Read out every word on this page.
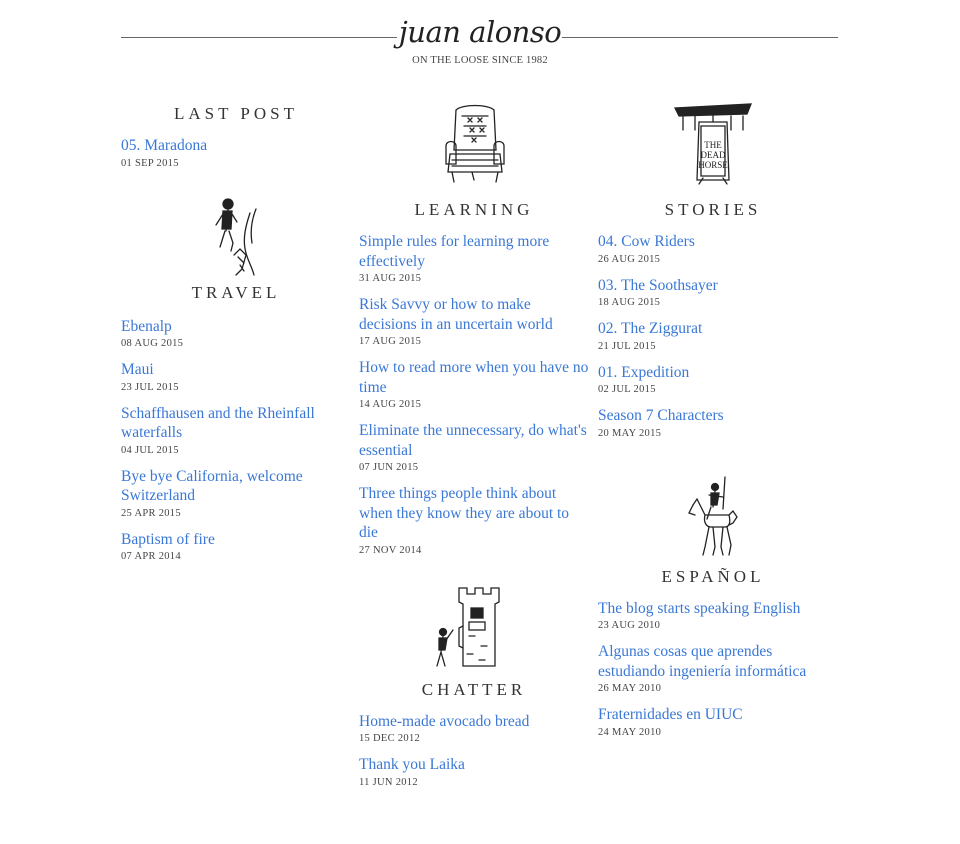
juan alonso
ON THE LOOSE SINCE 1982
LAST POST
05. Maradona
01 SEP 2015
TRAVEL
Ebenalp
08 AUG 2015
Maui
23 JUL 2015
Schaffhausen and the Rheinfall waterfalls
04 JUL 2015
Bye bye California, welcome Switzerland
25 APR 2015
Baptism of fire
07 APR 2014
LEARNING
Simple rules for learning more effectively
31 AUG 2015
Risk Savvy or how to make decisions in an uncertain world
17 AUG 2015
How to read more when you have no time
14 AUG 2015
Eliminate the unnecessary, do what's essential
07 JUN 2015
Three things people think about when they know they are about to die
27 NOV 2014
CHATTER
Home-made avocado bread
15 DEC 2012
Thank you Laika
11 JUN 2012
THE
DEAD
HORSE
STORIES
04. Cow Riders
26 AUG 2015
03. The Soothsayer
18 AUG 2015
02. The Ziggurat
21 JUL 2015
01. Expedition
02 JUL 2015
Season 7 Characters
20 MAY 2015
ESPAÑOL
The blog starts speaking English
23 AUG 2010
Algunas cosas que aprendes estudiando ingeniería informática
26 MAY 2010
Fraternidades en UIUC
24 MAY 2010
